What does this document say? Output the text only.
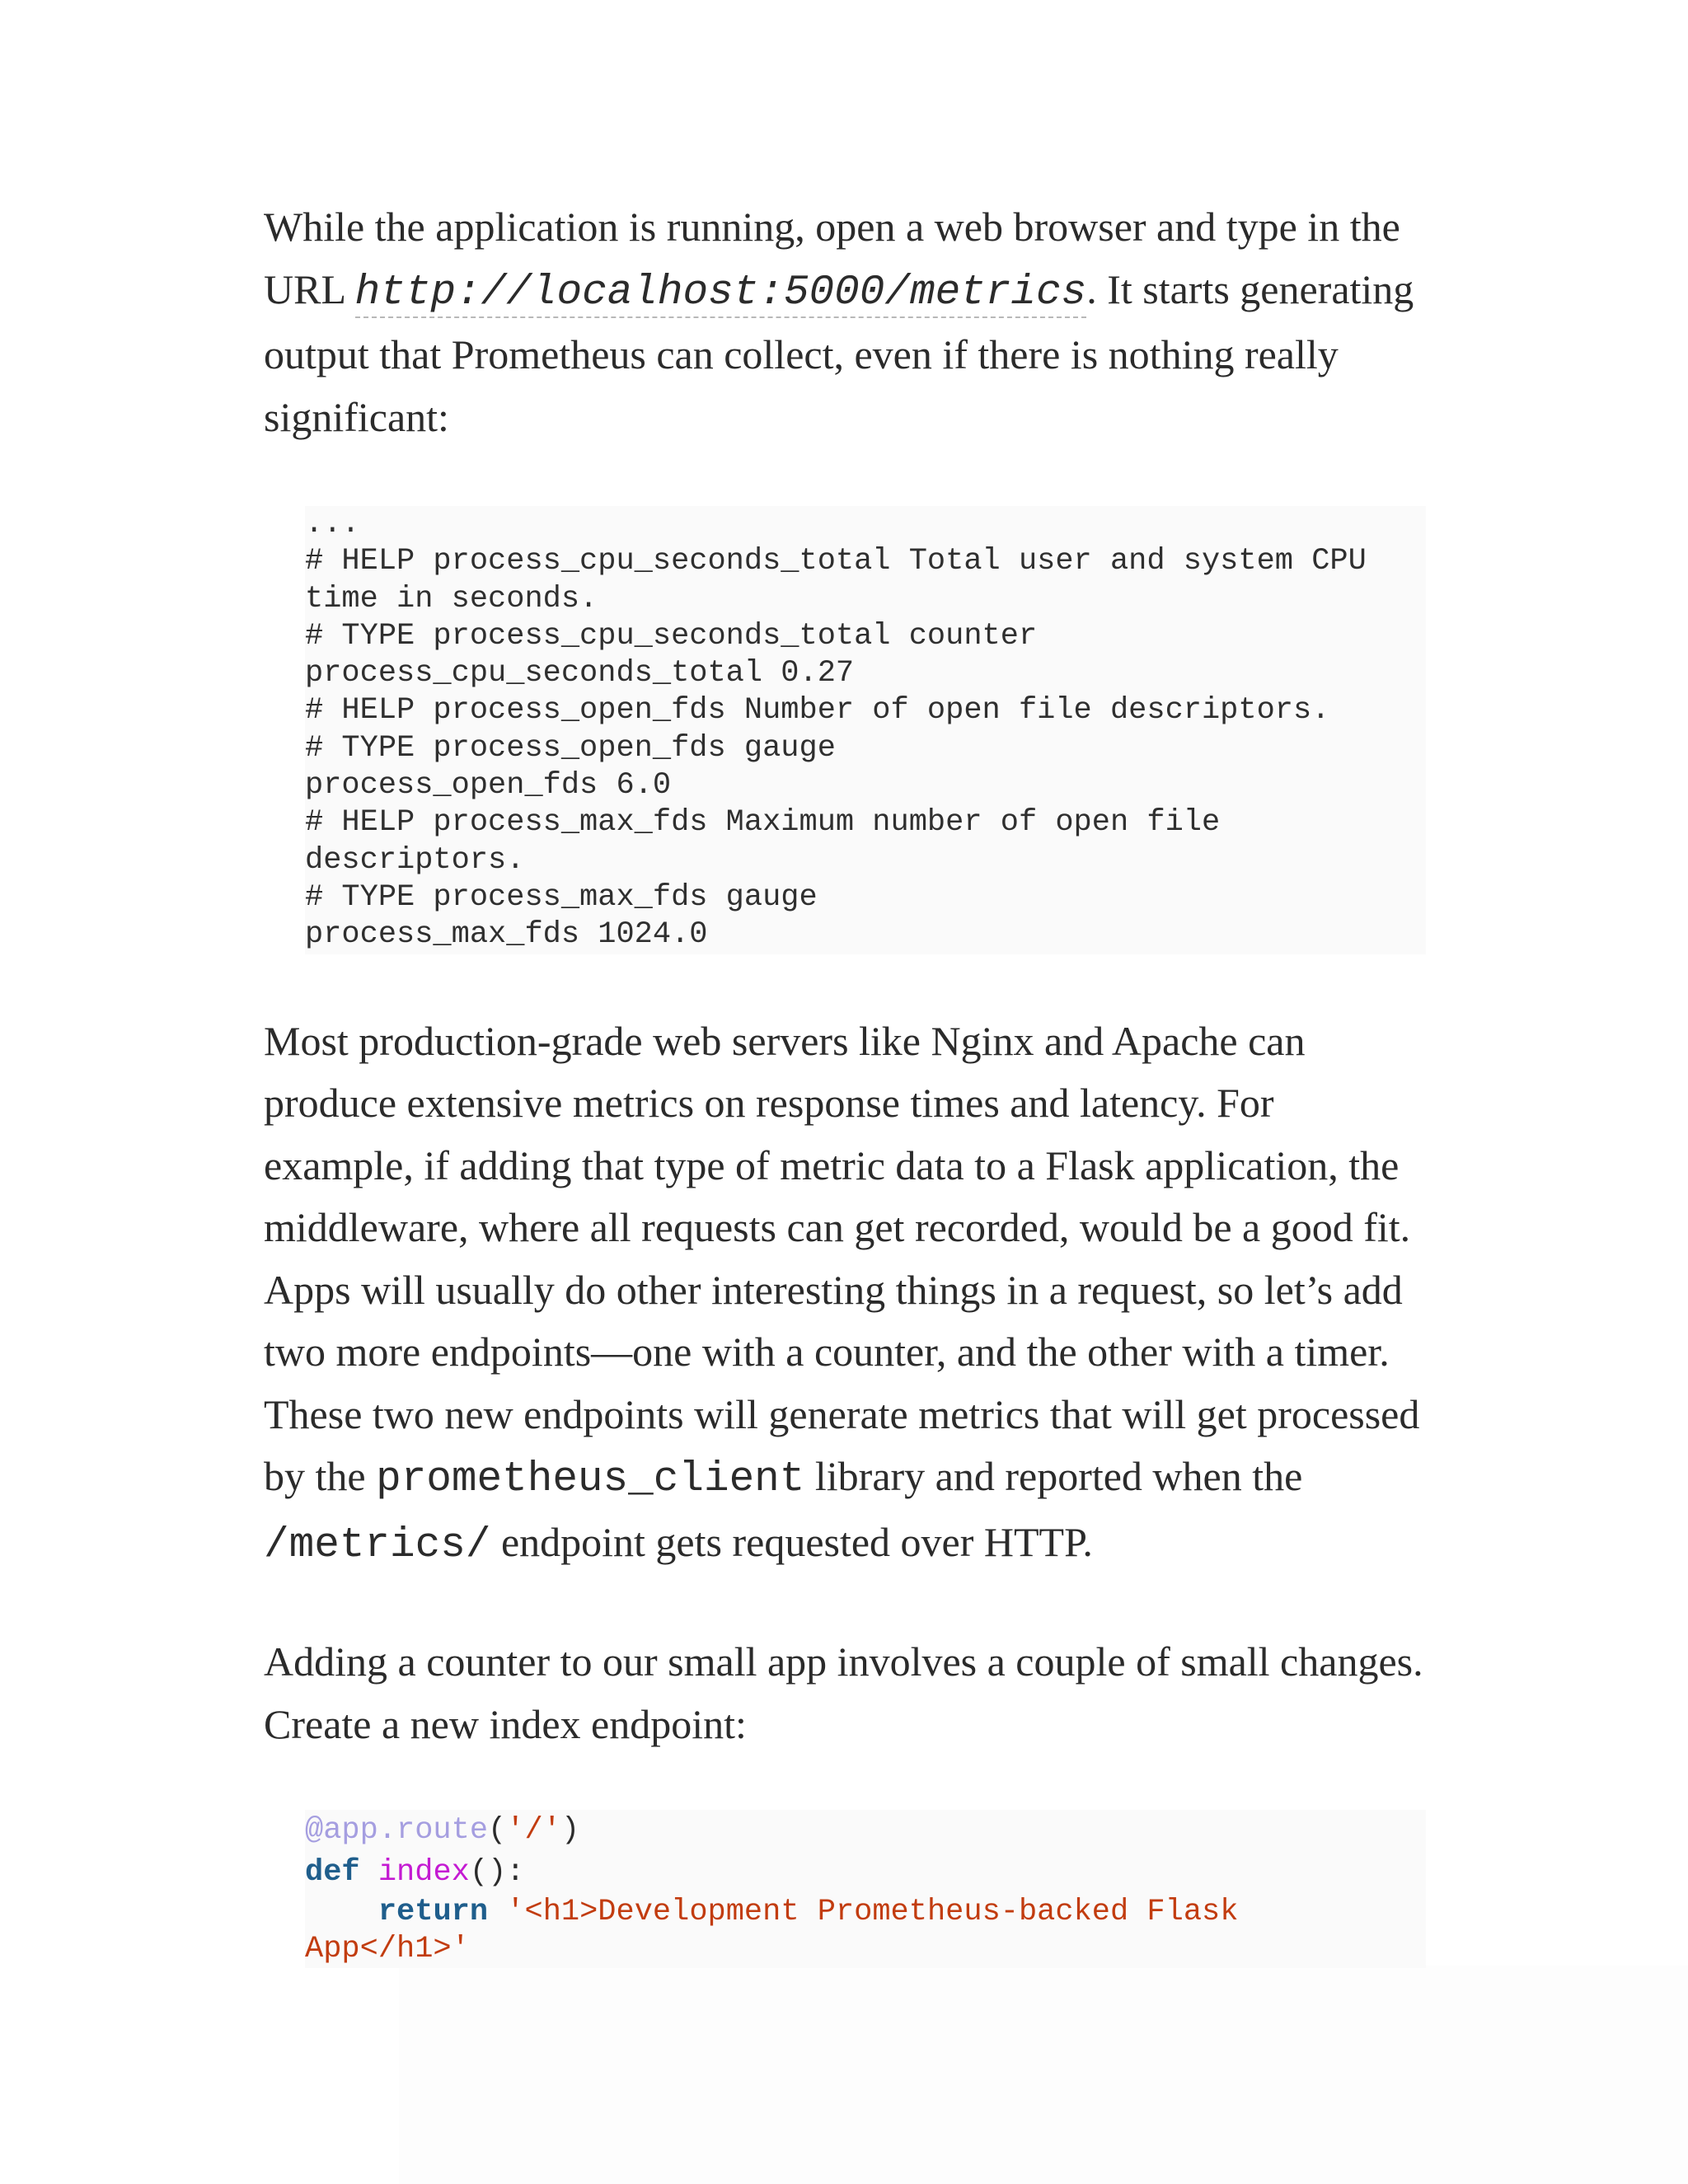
While the application is running, open a web browser and type in the URL http://localhost:5000/metrics. It starts generating output that Prometheus can collect, even if there is nothing really significant:

...
# HELP process_cpu_seconds_total Total user and system CPU time in seconds.
# TYPE process_cpu_seconds_total counter
process_cpu_seconds_total 0.27
# HELP process_open_fds Number of open file descriptors.
# TYPE process_open_fds gauge
process_open_fds 6.0
# HELP process_max_fds Maximum number of open file
descriptors.
# TYPE process_max_fds gauge
process_max_fds 1024.0

Most production-grade web servers like Nginx and Apache can produce extensive metrics on response times and latency. For example, if adding that type of metric data to a Flask application, the middleware, where all requests can get recorded, would be a good fit. Apps will usually do other interesting things in a request, so let’s add two more endpoints—one with a counter, and the other with a timer. These two new endpoints will generate metrics that will get processed by the prometheus_client library and reported when the /metrics/ endpoint gets requested over HTTP.

Adding a counter to our small app involves a couple of small changes. Create a new index endpoint:

@app.route('/')
def index():
return '<h1>Development Prometheus-backed Flask
App</h1>'
